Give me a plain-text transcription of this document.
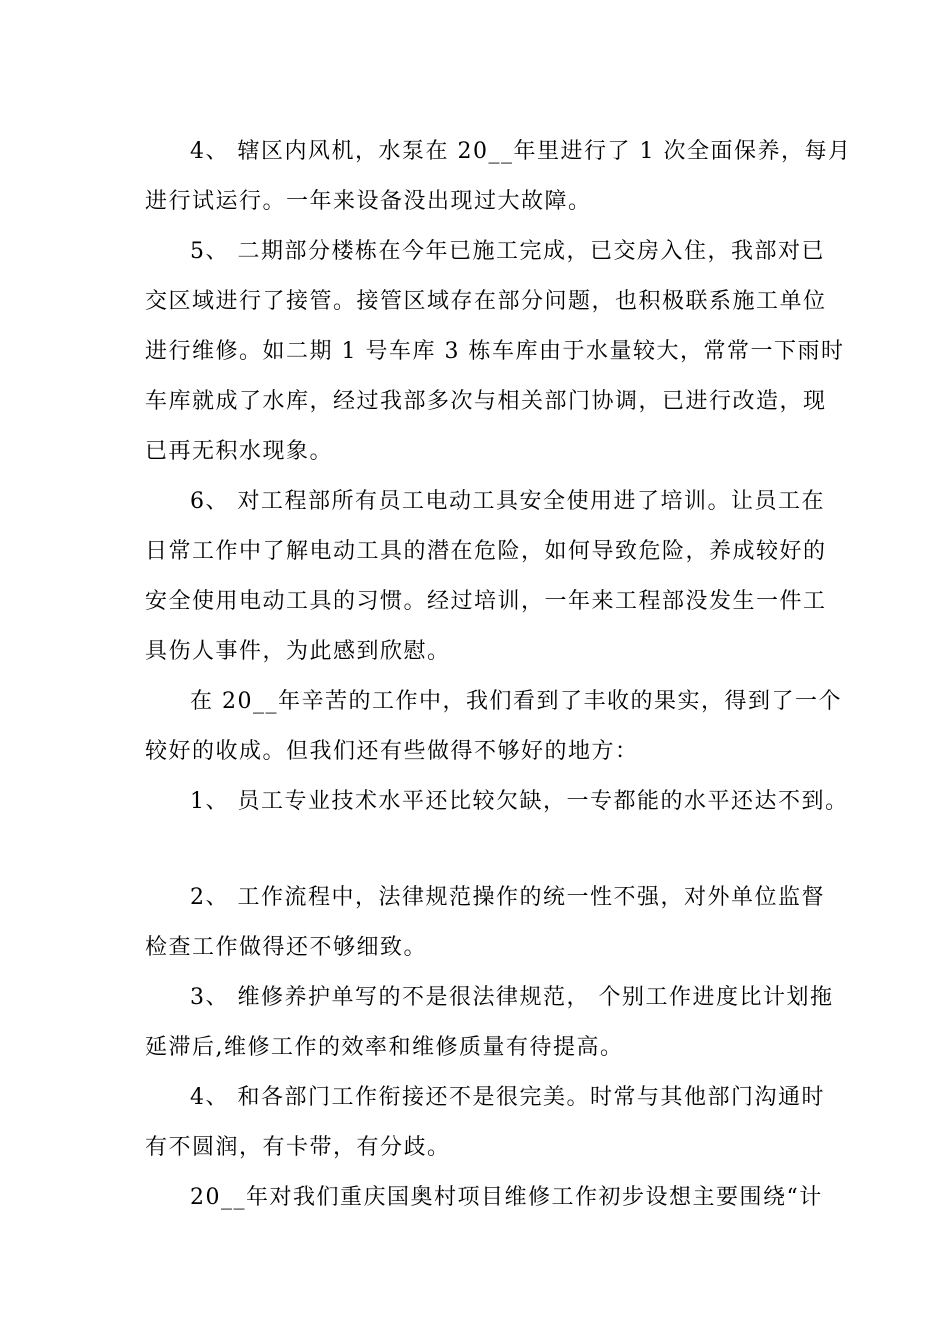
4、 辖区内风机，水泵在 20__年里进行了 1 次全面保养，每月
进行试运行。一年来设备没出现过大故障。
5、 二期部分楼栋在今年已施工完成，已交房入住，我部对已
交区域进行了接管。接管区域存在部分问题，也积极联系施工单位
进行维修。如二期 1 号车库 3 栋车库由于水量较大，常常一下雨时
车库就成了水库，经过我部多次与相关部门协调，已进行改造，现
已再无积水现象。
6、 对工程部所有员工电动工具安全使用进了培训。让员工在
日常工作中了解电动工具的潜在危险，如何导致危险，养成较好的
安全使用电动工具的习惯。经过培训，一年来工程部没发生一件工
具伤人事件，为此感到欣慰。
在 20__年辛苦的工作中，我们看到了丰收的果实，得到了一个
较好的收成。但我们还有些做得不够好的地方：
1、 员工专业技术水平还比较欠缺，一专都能的水平还达不到。
2、 工作流程中，法律规范操作的统一性不强，对外单位监督
检查工作做得还不够细致。
3、 维修养护单写的不是很法律规范， 个别工作进度比计划拖
延滞后,维修工作的效率和维修质量有待提高。
4、 和各部门工作衔接还不是很完美。时常与其他部门沟通时
有不圆润，有卡带，有分歧。
20__年对我们重庆国奥村项目维修工作初步设想主要围绕“计
